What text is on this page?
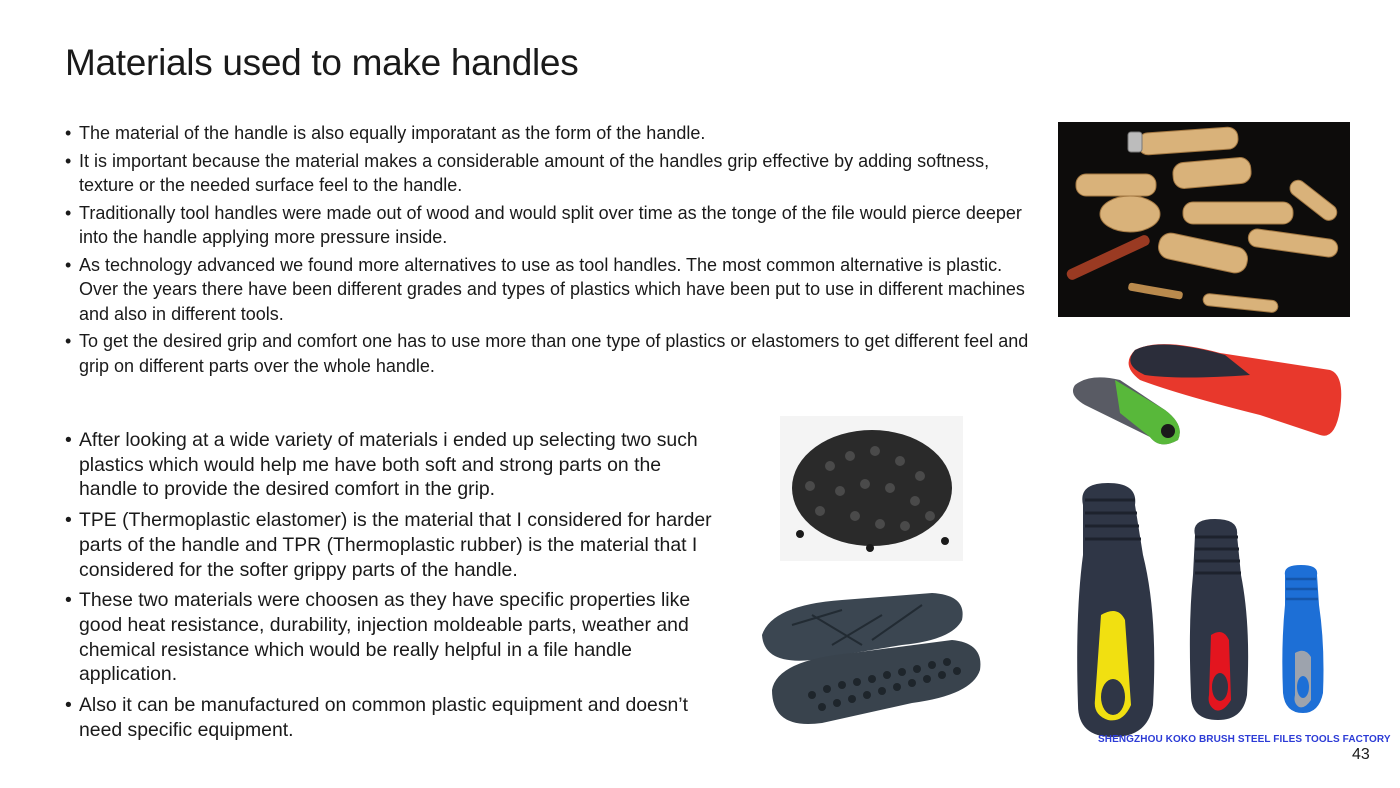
Materials used to make handles
• The material of the handle is also equally imporatant as the form of the handle.
• It is important because the material makes a considerable amount of the handles grip effective by adding softness, texture or the needed surface feel to the handle.
• Traditionally tool handles were made out of wood and would split over time as the tonge of the file would pierce deeper into the handle applying more pressure inside.
• As technology advanced we found more alternatives to use as tool handles. The most common alternative is plastic. Over the years there have been different grades and types of plastics which have been put to use in different machines and also in different tools.
• To get the desired grip and comfort one has to use more than one type of plastics or elastomers to get different feel and grip on different parts over the whole handle.
• After looking at a wide variety of materials i ended up selecting two such plastics which would help me have both soft and strong parts on the handle to provide the desired comfort in the grip.
• TPE (Thermoplastic elastomer) is the material that I considered for harder parts of the handle and TPR (Thermoplastic rubber) is the material that I considered for the softer grippy parts of the handle.
• These two materials were choosen as they have specific properties like good heat resistance, durability, injection moldeable parts, weather and chemical resistance which would be really helpful in a file handle application.
• Also it can be manufactured on common plastic equipment and doesn’t need specific equipment.	SHENGZHOU KOKO BRUSH STEEL FILES TOOLS FACTORY
43
